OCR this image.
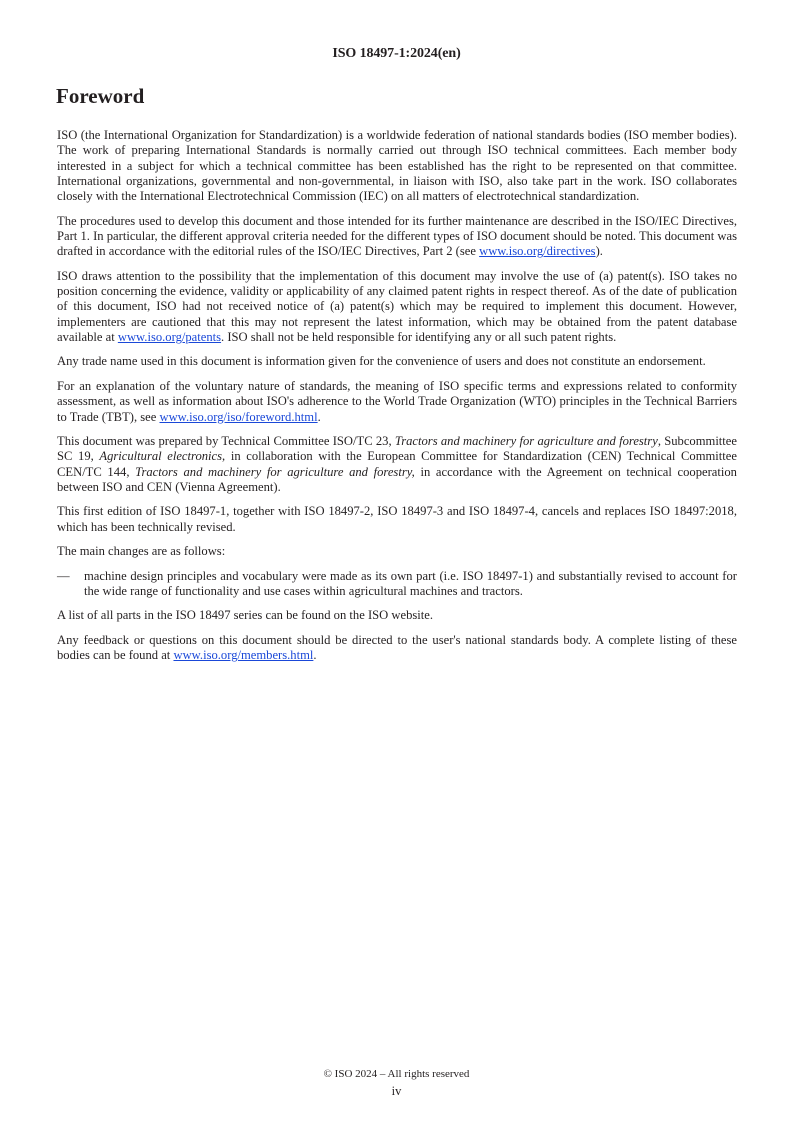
ISO 18497-1:2024(en)
Foreword

ISO (the International Organization for Standardization) is a worldwide federation of national standards bodies (ISO member bodies). The work of preparing International Standards is normally carried out through ISO technical committees. Each member body interested in a subject for which a technical committee has been established has the right to be represented on that committee. International organizations, governmental and non-governmental, in liaison with ISO, also take part in the work. ISO collaborates closely with the International Electrotechnical Commission (IEC) on all matters of electrotechnical standardization.

The procedures used to develop this document and those intended for its further maintenance are described in the ISO/IEC Directives, Part 1. In particular, the different approval criteria needed for the different types of ISO document should be noted. This document was drafted in accordance with the editorial rules of the ISO/IEC Directives, Part 2 (see www.iso.org/directives).

ISO draws attention to the possibility that the implementation of this document may involve the use of (a) patent(s). ISO takes no position concerning the evidence, validity or applicability of any claimed patent rights in respect thereof. As of the date of publication of this document, ISO had not received notice of (a) patent(s) which may be required to implement this document. However, implementers are cautioned that this may not represent the latest information, which may be obtained from the patent database available at www.iso.org/patents. ISO shall not be held responsible for identifying any or all such patent rights.

Any trade name used in this document is information given for the convenience of users and does not constitute an endorsement.

For an explanation of the voluntary nature of standards, the meaning of ISO specific terms and expressions related to conformity assessment, as well as information about ISO's adherence to the World Trade Organization (WTO) principles in the Technical Barriers to Trade (TBT), see www.iso.org/iso/foreword.html.

This document was prepared by Technical Committee ISO/TC 23, Tractors and machinery for agriculture and forestry, Subcommittee SC 19, Agricultural electronics, in collaboration with the European Committee for Standardization (CEN) Technical Committee CEN/TC 144, Tractors and machinery for agriculture and forestry, in accordance with the Agreement on technical cooperation between ISO and CEN (Vienna Agreement).

This first edition of ISO 18497-1, together with ISO 18497-2, ISO 18497-3 and ISO 18497-4, cancels and replaces ISO 18497:2018, which has been technically revised.

The main changes are as follows:

— machine design principles and vocabulary were made as its own part (i.e. ISO 18497-1) and substantially revised to account for the wide range of functionality and use cases within agricultural machines and tractors.

A list of all parts in the ISO 18497 series can be found on the ISO website.

Any feedback or questions on this document should be directed to the user's national standards body. A complete listing of these bodies can be found at www.iso.org/members.html.

© ISO 2024 – All rights reserved
iv
